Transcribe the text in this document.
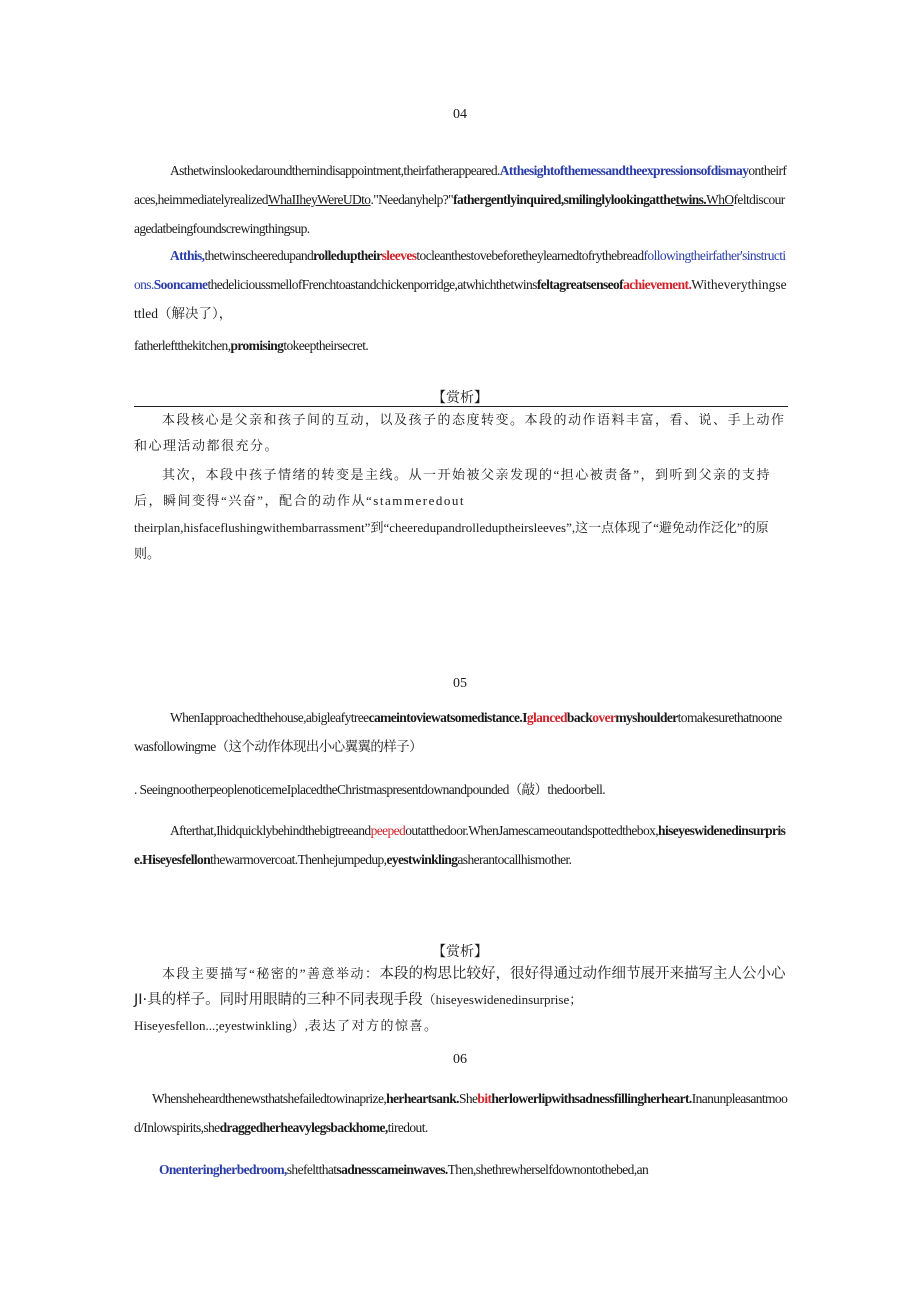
04
Asthetwinslookedaroundthernindisappointment,theirfatherappeared.Atthesightofthemessandtheexpressionsofdismayontheirfaces,heimmediatelyrealizedWhaIIheyWereUDto."Needanyhelp?"fathergentlyinquired,smilinglylookingatthetwins.WhOfeltdiscouragedatbeingfoundscrewingthingsup.
Atthis,thetwinscheeredupandrolleduptheirsleevestocleanthestovebeforetheylearnedtofrythebreadfollowingtheirfather'sinstructions.SooncamethedelicioussmellofFrenchtoastandchickenporridge,atwhichthetwinsfeltagreatsenseofachievement.Witheverythingsettled（解决了），
fatherleftthekitchen,promisingtokeeptheirsecret.
【赏析】
本段核心是父亲和孩子间的互动，以及孩子的态度转变。本段的动作语料丰富，看、说、手上动作和心理活动都很充分。
其次，本段中孩子情绪的转变是主线。从一开始被父亲发现的“担心被责备”，到听到父亲的支持后，瞬间变得“兴奋”，配合的动作从“stammeredout
theirplan,hisfaceflushingwithembarrassment”到“cheeredupandrolleduptheirsleeves”,这一点体现了“避免动作泛化”的原则。
05
WhenIapproachedthehouse,abigleafytreecameintoviewatsomedistance.Iglancedbackovermyshouldertomakesurethatnoonewasfollowingme（这个动作体现出小心翼翼的样子）
. SeeingnootherpeoplenoticemeIplacedtheChristmaspresentdownandpounded（敲）thedoorbell.
Afterthat,Ihidquicklybehindthebigtreeandpeepedoutatthedoor.WhenJamescameoutandspottedthebox,hiseyeswidenedinsurprise.Hiseyesfellonthewarmovercoat.Thenhejumpedup,eyestwinklingasherantocallhismother.
【赏析】
本段主要描写“秘密的”善意举动：本段的构思比较好，很好得通过动作细节展开来描写主人公小心JI·具的样子。同时用眼睛的三种不同表现手段（hiseyeswidenedinsurprise；
Hiseyesfellon...;eyestwinkling）,表达了对方的惊喜。
06
Whensheheardthenewsthatshefailedtowinaprize,herheartsank.Shebitherlowerlipwithsadnessfillingherheart.Inanunpleasantmood/Inlowspirits,shedraggedherheavylegsbackhome,tiredout.
Onenteringherbedroom,shefeltthatsadnesscameinwaves.Then,shethrewherselfdownontothebed,an
